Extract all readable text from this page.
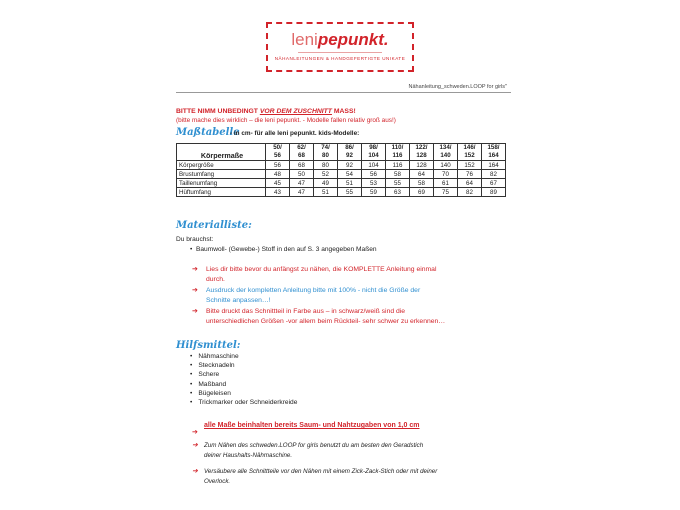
lenipepunkt.
NÄHANLEITUNGEN & HANDGEFERTIGTE UNIKATE
Nähanleitung_schweden.LOOP for girls"
BITTE NIMM UNBEDINGT VOR DEM ZUSCHNITT MASS!
(bitte mache dies wirklich – die leni pepunkt. - Modelle fallen relativ groß aus!)
Maßtabelle
- in cm- für alle leni pepunkt. kids-Modelle:
Körpermaße	50/	62/	74/	86/	98/	110/	122/	134/	146/	158/
	56	68	80	92	104	116	128	140	152	164
Körpergröße	56	68	80	92	104	116	128	140	152	164
Brustumfang	48	50	52	54	56	58	64	70	76	82
Taillenumfang	45	47	49	51	53	55	58	61	64	67
Hüftumfang	43	47	51	55	59	63	69	75	82	89
Materialliste:
Du brauchst:
•  Baumwoll- (Gewebe-) Stoff in den auf S. 3 angegeben Maßen
➔	Lies dir bitte bevor du anfängst zu nähen, die KOMPLETTE Anleitung einmal
durch.
➔	Ausdruck der kompletten Anleitung bitte mit 100% - nicht die Größe der
Schnitte anpassen…!
➔	Bitte druckt das Schnittteil in Farbe aus – in schwarz/weiß sind die
unterschiedlichen Größen -vor allem beim Rückteil- sehr schwer zu erkennen…
Hilfsmittel:
• Nähmaschine
• Stecknadeln
• Schere
• Maßband
• Bügeleisen
• Trickmarker oder Schneiderkreide
➔
alle Maße beinhalten bereits Saum- und Nahtzugaben von 1,0 cm
➔ Zum Nähen des schweden.LOOP for girls benutzt du am besten den Geradstich
deiner Haushalts-Nähmaschine.
➔ Versäubere alle Schnittteile vor den Nähen mit einem Zick-Zack-Stich oder mit deiner
Overlock.
